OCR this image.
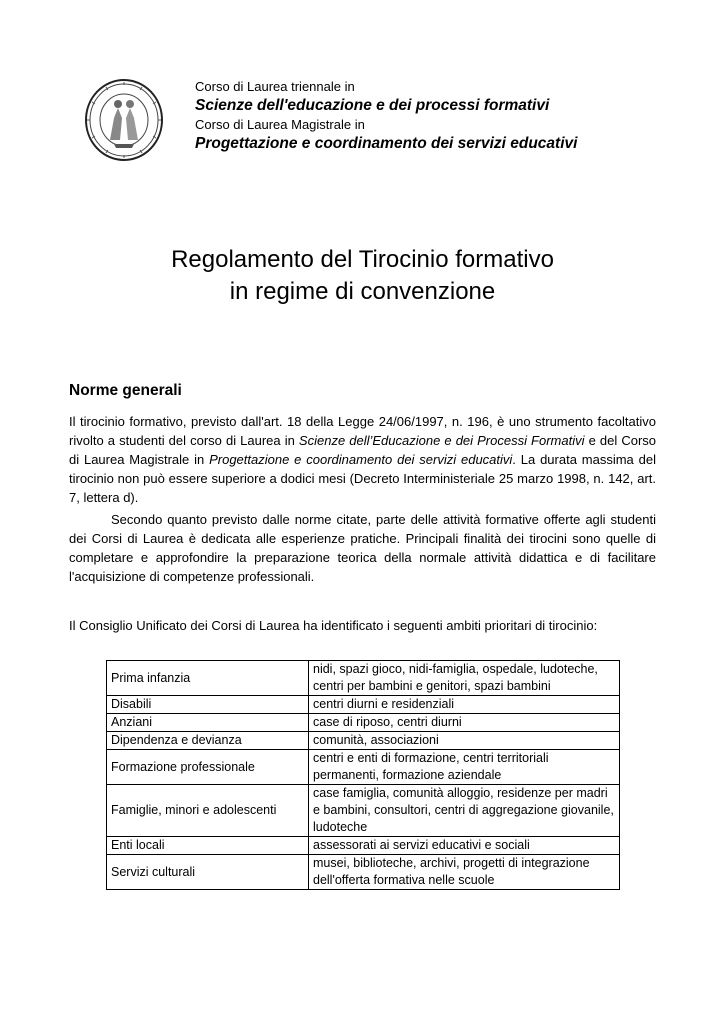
Corso di Laurea triennale in
Scienze dell'educazione e dei processi formativi
Corso di Laurea Magistrale in
Progettazione e coordinamento dei servizi educativi
Regolamento del Tirocinio formativo
in regime di convenzione
Norme generali
Il tirocinio formativo, previsto dall'art. 18 della Legge 24/06/1997, n. 196, è uno strumento facoltativo rivolto a studenti del corso di Laurea in Scienze dell’Educazione e dei Processi Formativi e del Corso di Laurea Magistrale in Progettazione e coordinamento dei servizi educativi. La durata massima del tirocinio non può essere superiore a dodici mesi (Decreto Interministeriale 25 marzo 1998, n. 142, art. 7, lettera d).
Secondo quanto previsto dalle norme citate, parte delle attività formative offerte agli studenti dei Corsi di Laurea è dedicata alle esperienze pratiche. Principali finalità dei tirocini sono quelle di completare e approfondire la preparazione teorica della normale attività didattica e di facilitare l'acquisizione di competenze professionali.
Il Consiglio Unificato dei Corsi di Laurea ha identificato i seguenti ambiti prioritari di tirocinio:
Prima infanzia	nidi, spazi gioco, nidi-famiglia, ospedale, ludoteche, centri per bambini e genitori, spazi bambini
Disabili	centri diurni e residenziali
Anziani	case di riposo, centri diurni
Dipendenza e devianza	comunità, associazioni
Formazione professionale	centri e enti di formazione, centri territoriali permanenti, formazione aziendale
Famiglie, minori e adolescenti	case famiglia, comunità alloggio, residenze per madri e bambini, consultori, centri di aggregazione giovanile, ludoteche
Enti locali	assessorati ai servizi educativi e sociali
Servizi culturali	musei, biblioteche, archivi, progetti di integrazione dell'offerta formativa nelle scuole
